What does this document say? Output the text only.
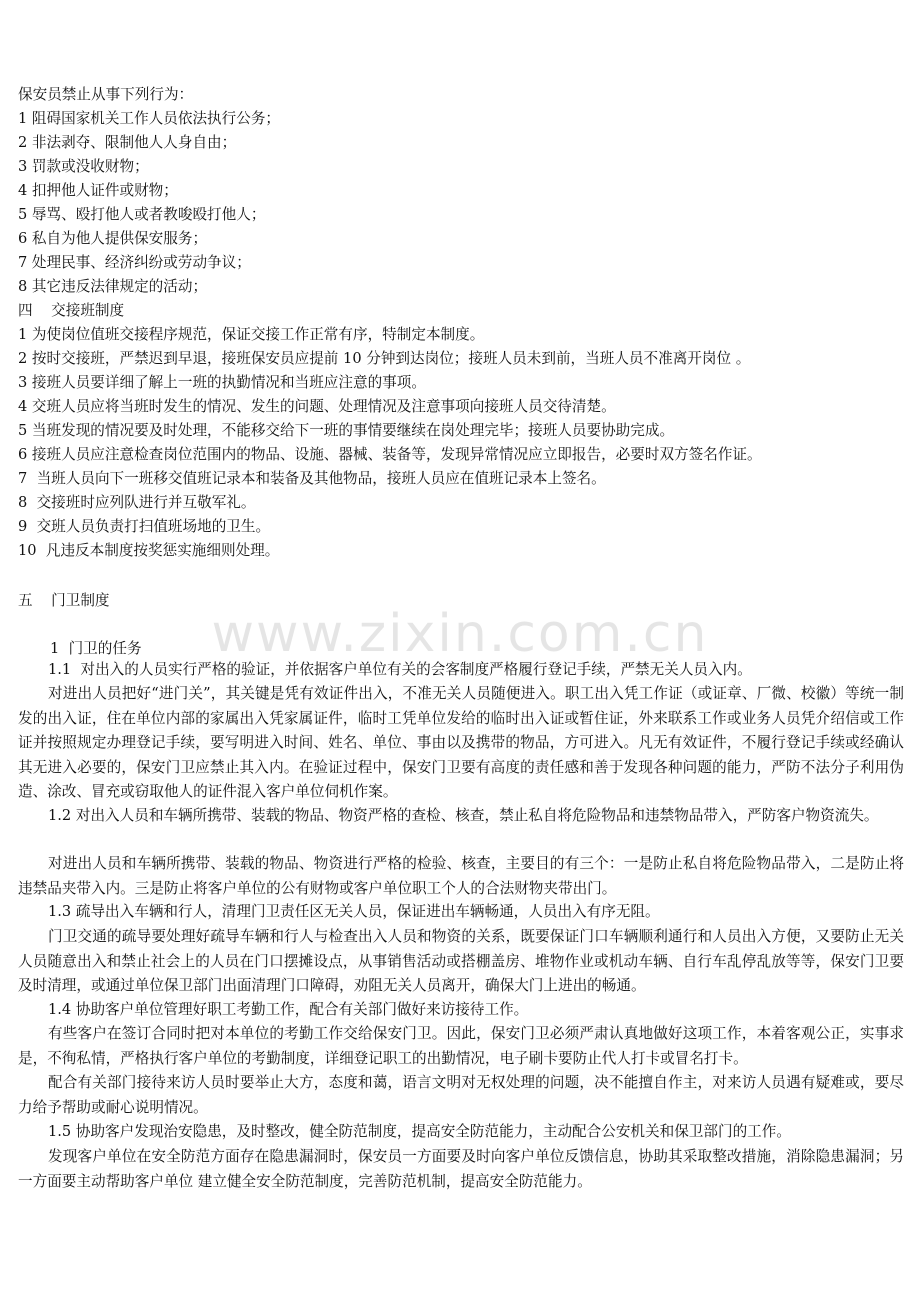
www.zixin.com.cn
保安员禁止从事下列行为：
1 阻碍国家机关工作人员依法执行公务；
2 非法剥夺、限制他人人身自由；
3 罚款或没收财物；
4 扣押他人证件或财物；
5 辱骂、殴打他人或者教唆殴打他人；
6 私自为他人提供保安服务；
7 处理民事、经济纠纷或劳动争议；
8 其它违反法律规定的活动；
四    交接班制度
1 为使岗位值班交接程序规范，保证交接工作正常有序，特制定本制度。
2 按时交接班，严禁迟到早退，接班保安员应提前 10 分钟到达岗位；接班人员未到前，当班人员不准离开岗位 。
3 接班人员要详细了解上一班的执勤情况和当班应注意的事项。
4 交班人员应将当班时发生的情况、发生的问题、处理情况及注意事项向接班人员交待清楚。
5 当班发现的情况要及时处理，不能移交给下一班的事情要继续在岗处理完毕；接班人员要协助完成。
6 接班人员应注意检查岗位范围内的物品、设施、器械、装备等，发现异常情况应立即报告，必要时双方签名作证。
7  当班人员向下一班移交值班记录本和装备及其他物品，接班人员应在值班记录本上签名。
8  交接班时应列队进行并互敬军礼。
9  交班人员负责打扫值班场地的卫生。
10  凡违反本制度按奖惩实施细则处理。
五    门卫制度
1  门卫的任务
1.1  对出入的人员实行严格的验证，并依据客户单位有关的会客制度严格履行登记手续，严禁无关人员入内。
对进出人员把好“进门关”，其关键是凭有效证件出入，不准无关人员随便进入。职工出入凭工作证（或证章、厂微、校徽）等统一制发的出入证，住在单位内部的家属出入凭家属证件，临时工凭单位发给的临时出入证或暂住证，外来联系工作或业务人员凭介绍信或工作证并按照规定办理登记手续，要写明进入时间、姓名、单位、事由以及携带的物品，方可进入。凡无有效证件，不履行登记手续或经确认其无进入必要的，保安门卫应禁止其入内。在验证过程中，保安门卫要有高度的责任感和善于发现各种问题的能力，严防不法分子利用伪造、涂改、冒充或窃取他人的证件混入客户单位伺机作案。
1.2 对出入人员和车辆所携带、装载的物品、物资严格的查检、核查，禁止私自将危险物品和违禁物品带入，严防客户物资流失。
对进出人员和车辆所携带、装载的物品、物资进行严格的检验、核查，主要目的有三个：一是防止私自将危险物品带入，二是防止将违禁品夹带入内。三是防止将客户单位的公有财物或客户单位职工个人的合法财物夹带出门。
1.3 疏导出入车辆和行人，清理门卫责任区无关人员，保证进出车辆畅通，人员出入有序无阻。
门卫交通的疏导要处理好疏导车辆和行人与检查出入人员和物资的关系，既要保证门口车辆顺利通行和人员出入方便，又要防止无关人员随意出入和禁止社会上的人员在门口摆摊设点，从事销售活动或搭棚盖房、堆物作业或机动车辆、自行车乱停乱放等等，保安门卫要及时清理，或通过单位保卫部门出面清理门口障碍，劝阻无关人员离开，确保大门上进出的畅通。
1.4 协助客户单位管理好职工考勤工作，配合有关部门做好来访接待工作。
有些客户在签订合同时把对本单位的考勤工作交给保安门卫。因此，保安门卫必须严肃认真地做好这项工作，本着客观公正，实事求是，不徇私情，严格执行客户单位的考勤制度，详细登记职工的出勤情况，电子刷卡要防止代人打卡或冒名打卡。
配合有关部门接待来访人员时要举止大方，态度和蔼，语言文明对无权处理的问题，决不能擅自作主，对来访人员遇有疑难或，要尽力给予帮助或耐心说明情况。
1.5 协助客户发现治安隐患，及时整改，健全防范制度，提高安全防范能力，主动配合公安机关和保卫部门的工作。
发现客户单位在安全防范方面存在隐患漏洞时，保安员一方面要及时向客户单位反馈信息，协助其采取整改措施，消除隐患漏洞；另一方面要主动帮助客户单位 建立健全安全防范制度，完善防范机制，提高安全防范能力。
